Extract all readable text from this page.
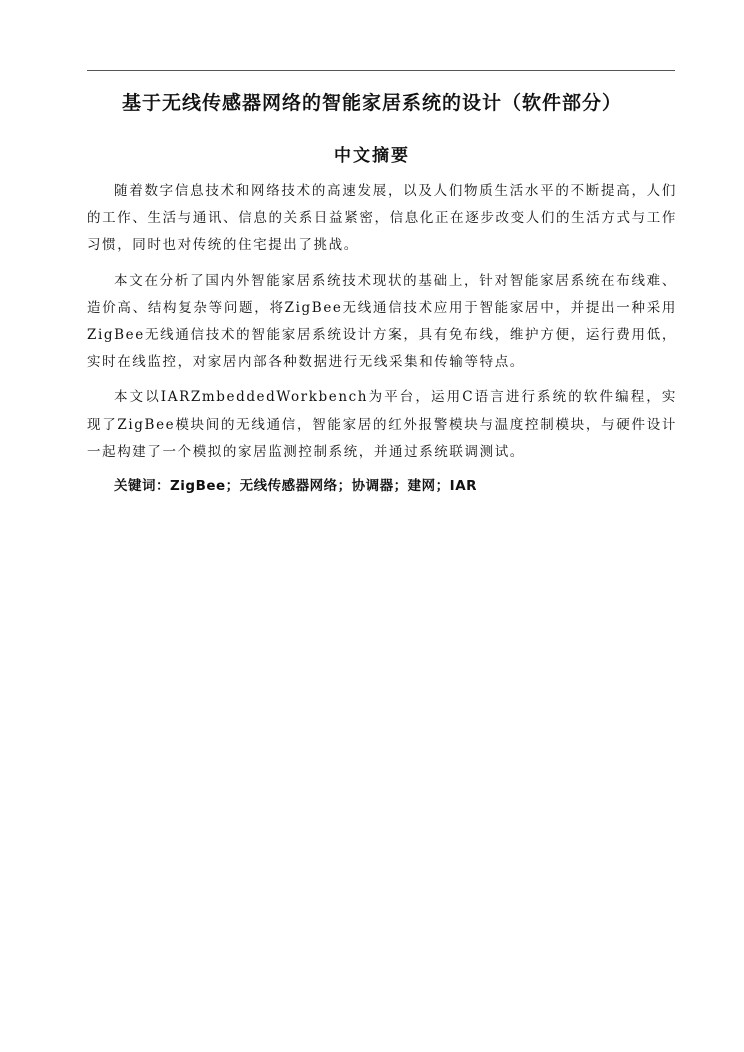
基于无线传感器网络的智能家居系统的设计（软件部分）
中文摘要

随着数字信息技术和网络技术的高速发展，以及人们物质生活水平的不断提高，人们的工作、生活与通讯、信息的关系日益紧密，信息化正在逐步改变人们的生活方式与工作习惯，同时也对传统的住宅提出了挑战。

本文在分析了国内外智能家居系统技术现状的基础上，针对智能家居系统在布线难、造价高、结构复杂等问题，将ZigBee无线通信技术应用于智能家居中，并提出一种采用ZigBee无线通信技术的智能家居系统设计方案，具有免布线，维护方便，运行费用低，实时在线监控，对家居内部各种数据进行无线采集和传输等特点。

本文以IARZmbeddedWorkbench为平台，运用C语言进行系统的软件编程，实现了ZigBee模块间的无线通信，智能家居的红外报警模块与温度控制模块，与硬件设计一起构建了一个模拟的家居监测控制系统，并通过系统联调测试。

关键词：ZigBee；无线传感器网络；协调器；建网；IAR
